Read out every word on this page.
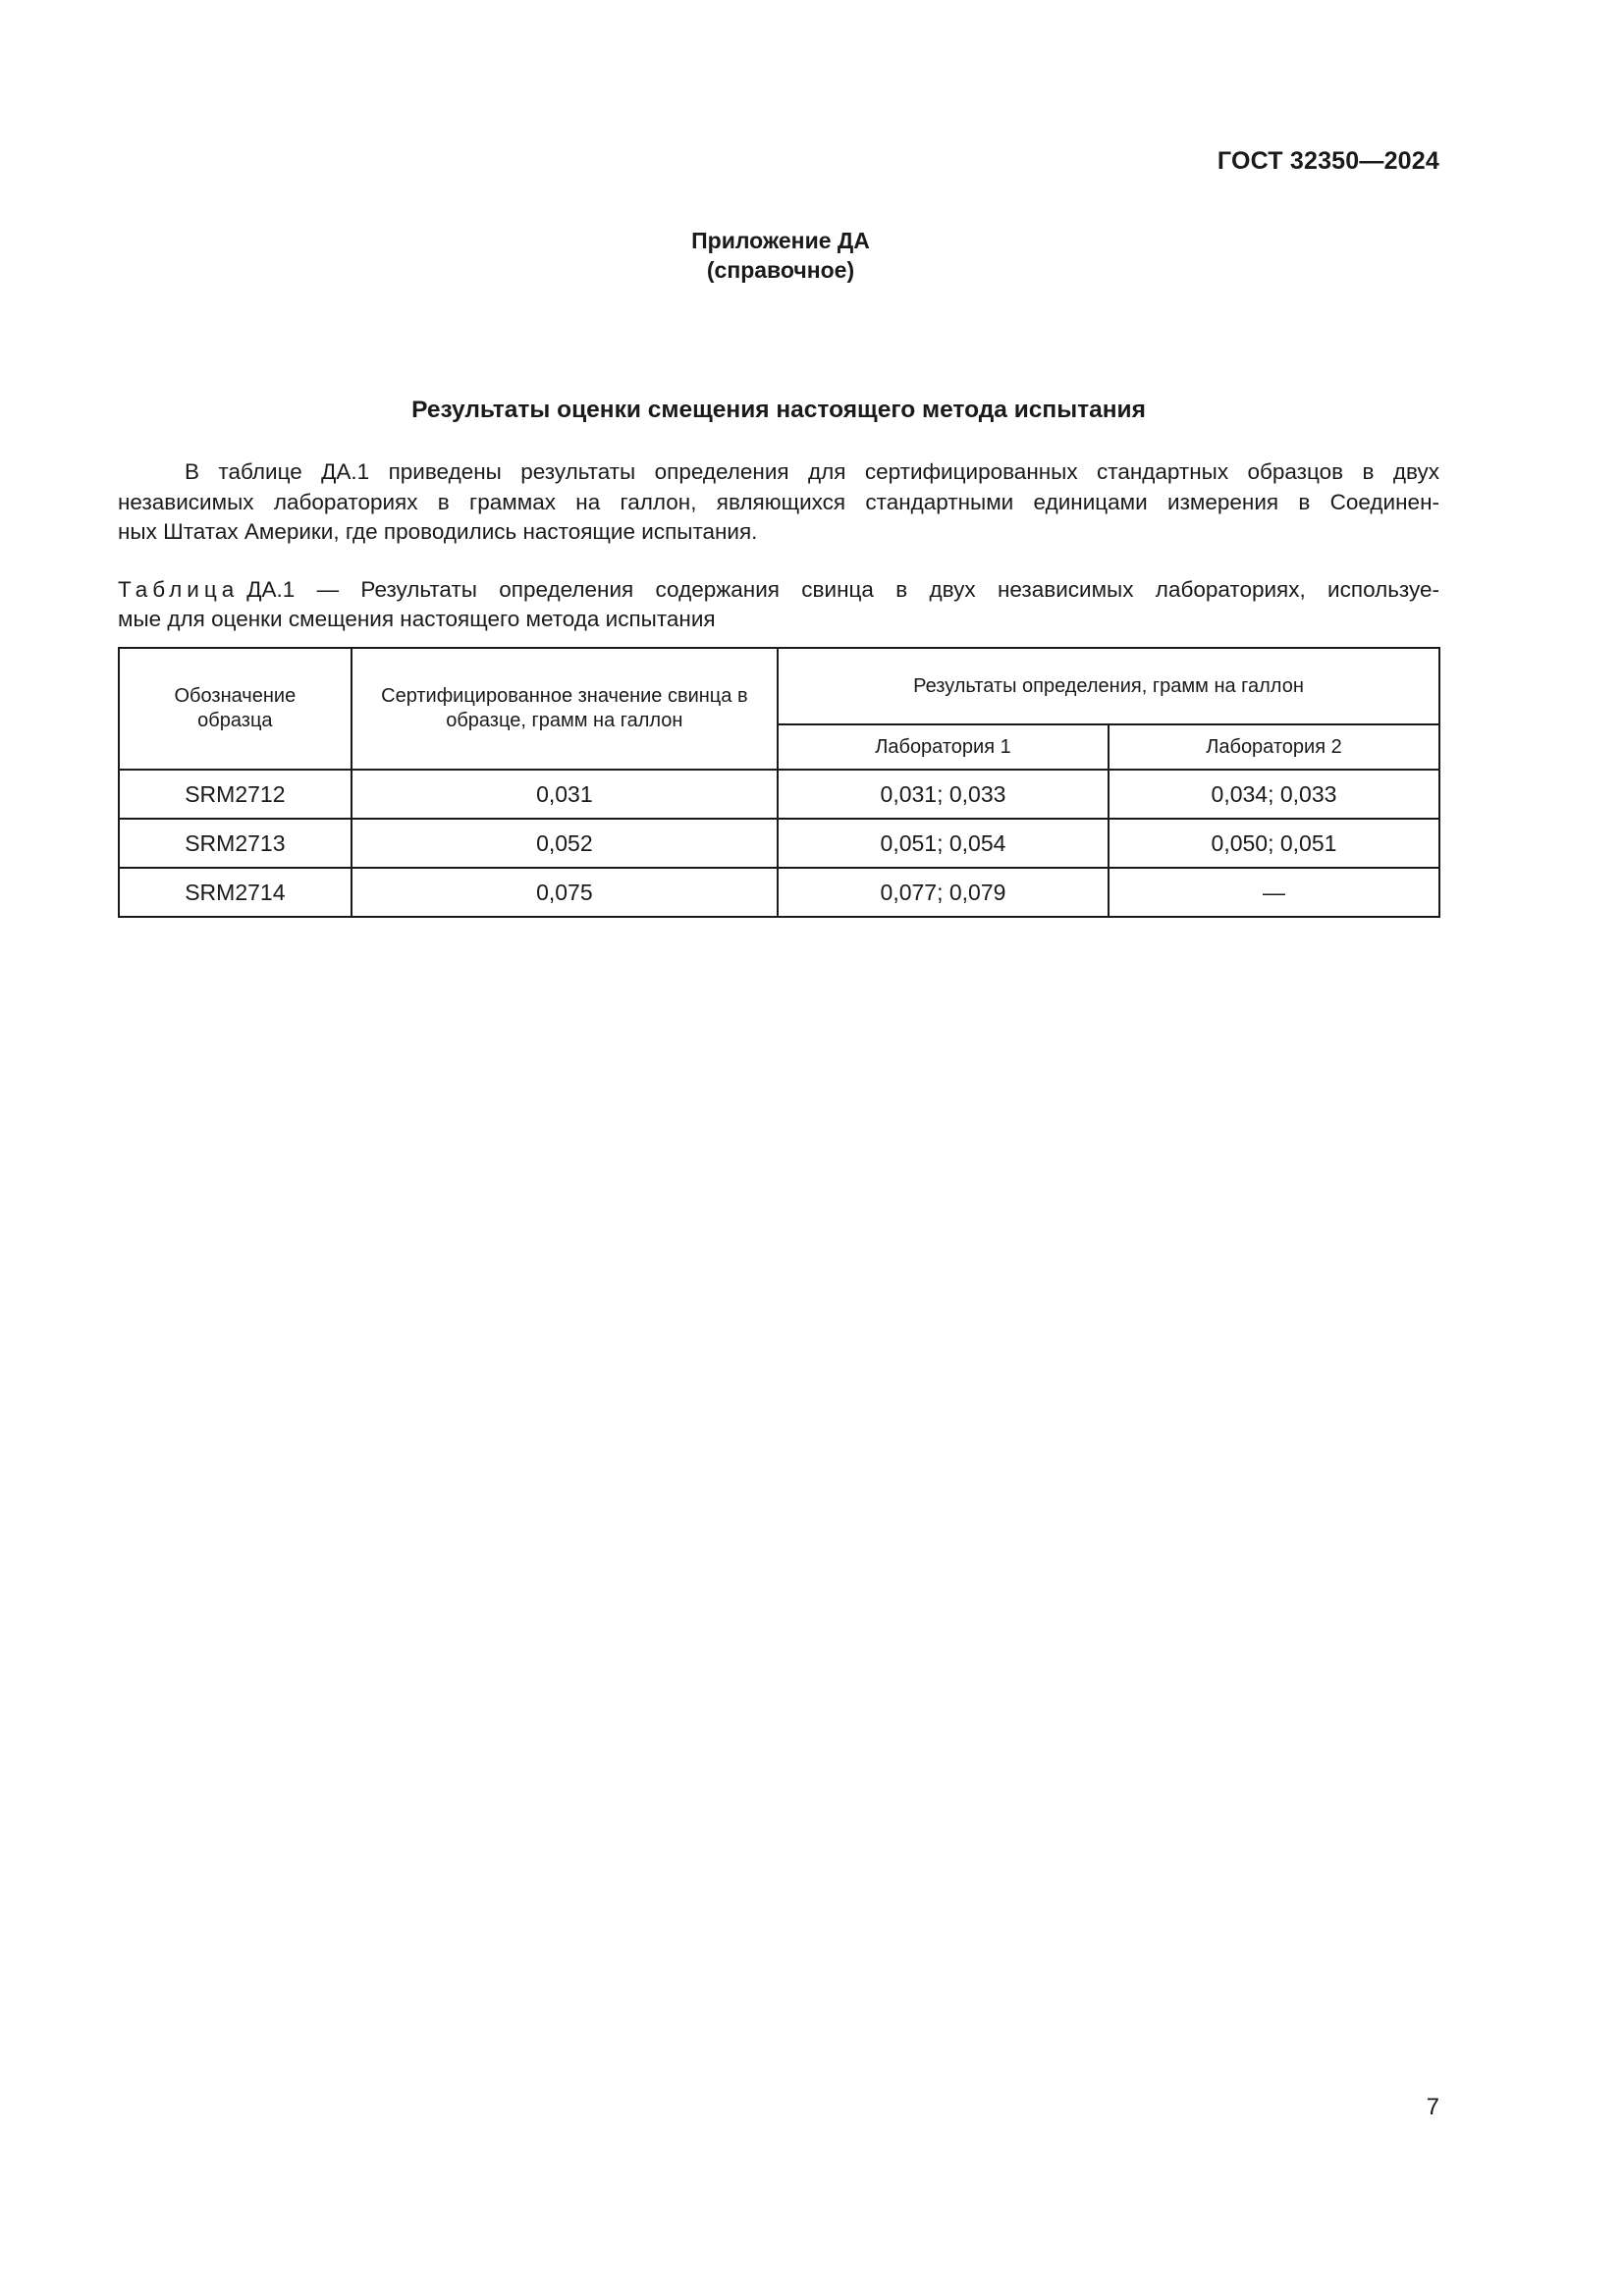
ГОСТ 32350—2024
Приложение ДА
(справочное)
Результаты оценки смещения настоящего метода испытания
В таблице ДА.1 приведены результаты определения для сертифицированных стандартных образцов в двух
независимых лабораториях в граммах на галлон, являющихся стандартными единицами измерения в Соединен-
ных Штатах Америки, где проводились настоящие испытания.
Таблица ДА.1 — Результаты определения содержания свинца в двух независимых лабораториях, используе-
мые для оценки смещения настоящего метода испытания
Обозначение образца	Сертифицированное значение свинца в образце, грамм на галлон	Результаты определения, грамм на галлон	
		Лаборатория 1	Лаборатория 2
SRM2712	0,031	0,031; 0,033	0,034; 0,033
SRM2713	0,052	0,051; 0,054	0,050; 0,051
SRM2714	0,075	0,077; 0,079	—
7
